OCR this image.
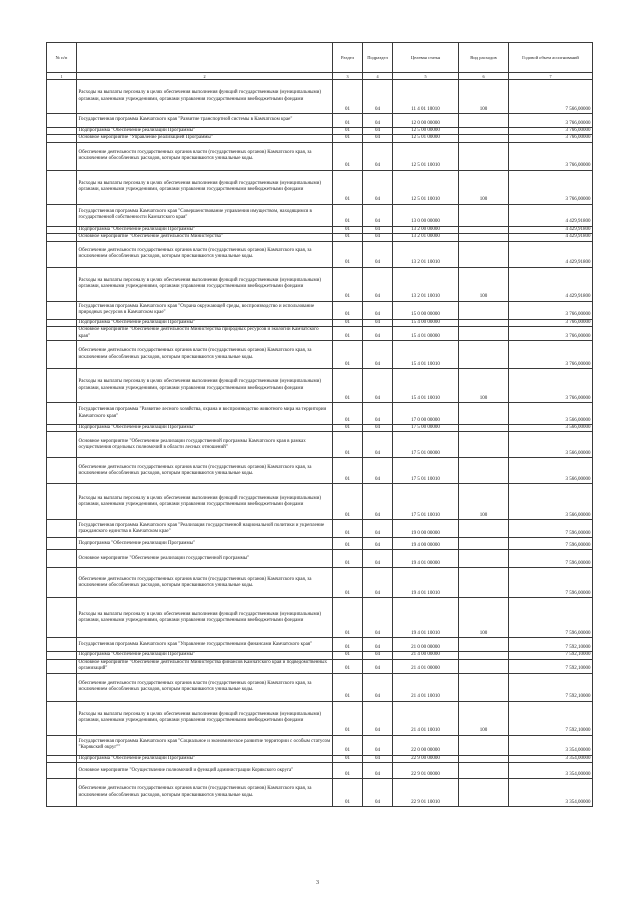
№ п/п		Раздел	Подраздел	Целевая статья	Вид расходов	Годовой объем ассигнований
1	2	3	4	5	6	7
	Расходы на выплаты персоналу в целях обеспечения выполнения функций государственными (муниципальными) органами, казенными учреждениями, органами управления государственными внебюджетными фондами	01	04	11 4 01 10010	100	7 566,00000
	Государственная программа Камчатского края "Развитие транспортной системы в Камчатском крае"	01	04	12 0 00 00000		3 766,00000
	Подпрограмма "Обеспечение реализации Программы"	01	04	12 5 00 00000		3 766,00000
	Основное мероприятие "Управление реализацией Программы"	01	04	12 5 01 00000		3 766,00000
	Обеспечение деятельности государственных органов власти (государственных органов) Камчатского края, за исключением обособленных расходов, которым присваиваются уникальные коды.	01	04	12 5 01 10010		3 766,00000
	Расходы на выплаты персоналу в целях обеспечения выполнения функций государственными (муниципальными) органами, казенными учреждениями, органами управления государственными внебюджетными фондами	01	04	12 5 01 10010	100	3 766,00000
	Государственная программа Камчатского края "Совершенствование управления имуществом, находящимся в государственной собственности Камчатского края"	01	04	13 0 00 00000		4 429,91800
	Подпрограмма "Обеспечение реализации Программы"	01	04	13 2 00 00000		4 429,91800
	Основное мероприятие "Обеспечение деятельности Министерства"	01	04	13 2 01 00000		4 429,91800
	Обеспечение деятельности государственных органов власти (государственных органов) Камчатского края, за исключением обособленных расходов, которым присваиваются уникальные коды.	01	04	13 2 01 10010		4 429,91800
	Расходы на выплаты персоналу в целях обеспечения выполнения функций государственными (муниципальными) органами, казенными учреждениями, органами управления государственными внебюджетными фондами	01	04	13 2 01 10010	100	4 429,91800
	Государственная программа Камчатского края "Охрана окружающей среды, воспроизводство и использование природных ресурсов в Камчатском крае"	01	04	15 0 00 00000		3 766,00000
	Подпрограмма "Обеспечение реализации Программы"	01	04	15 4 00 00000		3 766,00000
	Основное мероприятие "Обеспечение деятельности Министерства природных ресурсов и экологии Камчатского края"	01	04	15 4 01 00000		3 766,00000
	Обеспечение деятельности государственных органов власти (государственных органов) Камчатского края, за исключением обособленных расходов, которым присваиваются уникальные коды.	01	04	15 4 01 10010		3 766,00000
	Расходы на выплаты персоналу в целях обеспечения выполнения функций государственными (муниципальными) органами, казенными учреждениями, органами управления государственными внебюджетными фондами	01	04	15 4 01 10010	100	3 766,00000
	Государственная программа "Развитие лесного хозяйства, охрана и воспроизводство животного мира на территории Камчатского края"	01	04	17 0 00 00000		3 566,00000
	Подпрограмма "Обеспечение реализации Программы"	01	04	17 5 00 00000		3 566,00000
	Основное мероприятие "Обеспечение реализации государственной программы Камчатского края в рамках осуществления отдельных полномочий в области лесных отношений"	01	04	17 5 01 00000		3 566,00000
	Обеспечение деятельности государственных органов власти (государственных органов) Камчатского края, за исключением обособленных расходов, которым присваиваются уникальные коды.	01	04	17 5 01 10010		3 566,00000
	Расходы на выплаты персоналу в целях обеспечения выполнения функций государственными (муниципальными) органами, казенными учреждениями, органами управления государственными внебюджетными фондами	01	04	17 5 01 10010	100	3 566,00000
	Государственная программа Камчатского края "Реализация государственной национальной политики и укрепление гражданского единства в Камчатском крае"	01	04	19 0 00 00000		7 596,00000
	Подпрограмма "Обеспечение реализации Программы"	01	04	19 4 00 00000		7 596,00000
	Основное мероприятие "Обеспечение реализации государственной программы"	01	04	19 4 01 00000		7 596,00000
	Обеспечение деятельности государственных органов власти (государственных органов) Камчатского края, за исключением обособленных расходов, которым присваиваются уникальные коды.	01	04	19 4 01 10010		7 596,00000
	Расходы на выплаты персоналу в целях обеспечения выполнения функций государственными (муниципальными) органами, казенными учреждениями, органами управления государственными внебюджетными фондами	01	04	19 4 01 10010	100	7 596,00000
	Государственная программа Камчатского края "Управление государственными финансами Камчатского края"	01	04	21 0 00 00000		7 592,10000
	Подпрограмма "Обеспечение реализации Программы"	01	04	21 4 00 00000		7 592,10000
	Основное мероприятие "Обеспечение деятельности Министерства финансов Камчатского края и подведомственных организаций"	01	04	21 4 01 00000		7 592,10000
	Обеспечение деятельности государственных органов власти (государственных органов) Камчатского края, за исключением обособленных расходов, которым присваиваются уникальные коды.	01	04	21 4 01 10010		7 592,10000
	Расходы на выплаты персоналу в целях обеспечения выполнения функций государственными (муниципальными) органами, казенными учреждениями, органами управления государственными внебюджетными фондами	01	04	21 4 01 10010	100	7 592,10000
	Государственная программа Камчатского края "Социальное и экономическое развитие территории с особым статусом "Корякский округ""	01	04	22 0 00 00000		3 354,00000
	Подпрограмма "Обеспечение реализации Программы"	01	04	22 9 00 00000		3 354,00000
	Основное мероприятие "Осуществление полномочий и функций администрации Корякского округа"	01	04	22 9 01 00000		3 354,00000
	Обеспечение деятельности государственных органов власти (государственных органов) Камчатского края, за исключением обособленных расходов, которым присваиваются уникальные коды.	01	04	22 9 01 10010		3 354,00000
3
